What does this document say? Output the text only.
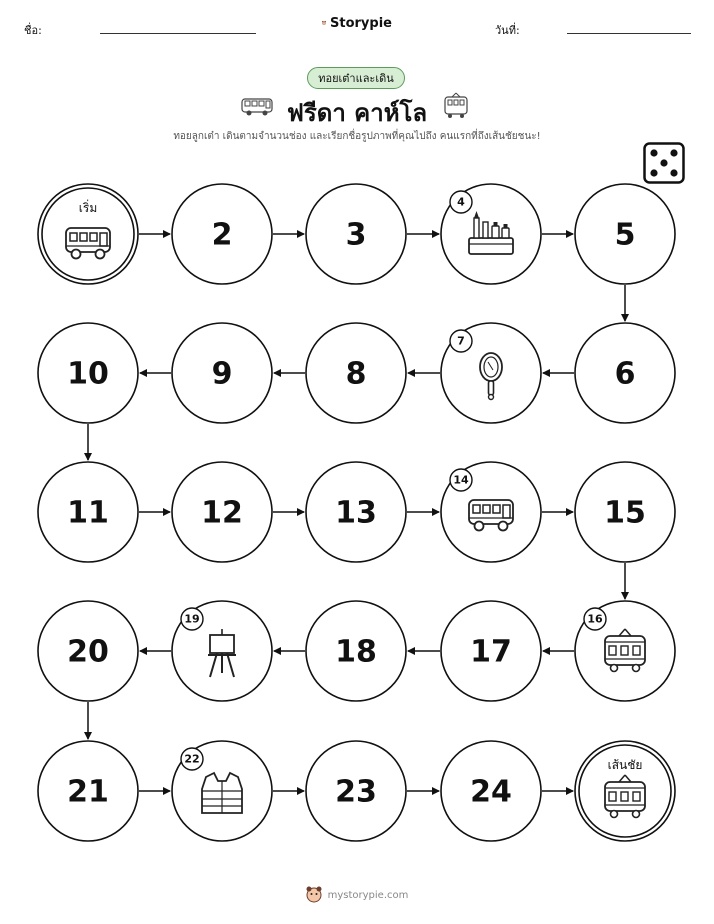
ชื่อ:	Storypie	วันที่:
ทอยเต๋าและเดิน
ฟรีดา คาห์โล
ทอยลูกเต๋า เดินตามจำนวนช่อง และเรียกชื่อรูปภาพที่คุณไปถึง คนแรกที่ถึงเส้นชัยชนะ!
เริ่ม
2	3
4
5
6
7
8
9
10
11	12	13
14
15
16
17
18
19
20
21
22
23	24
เส้นชัย
mystorypie.com
